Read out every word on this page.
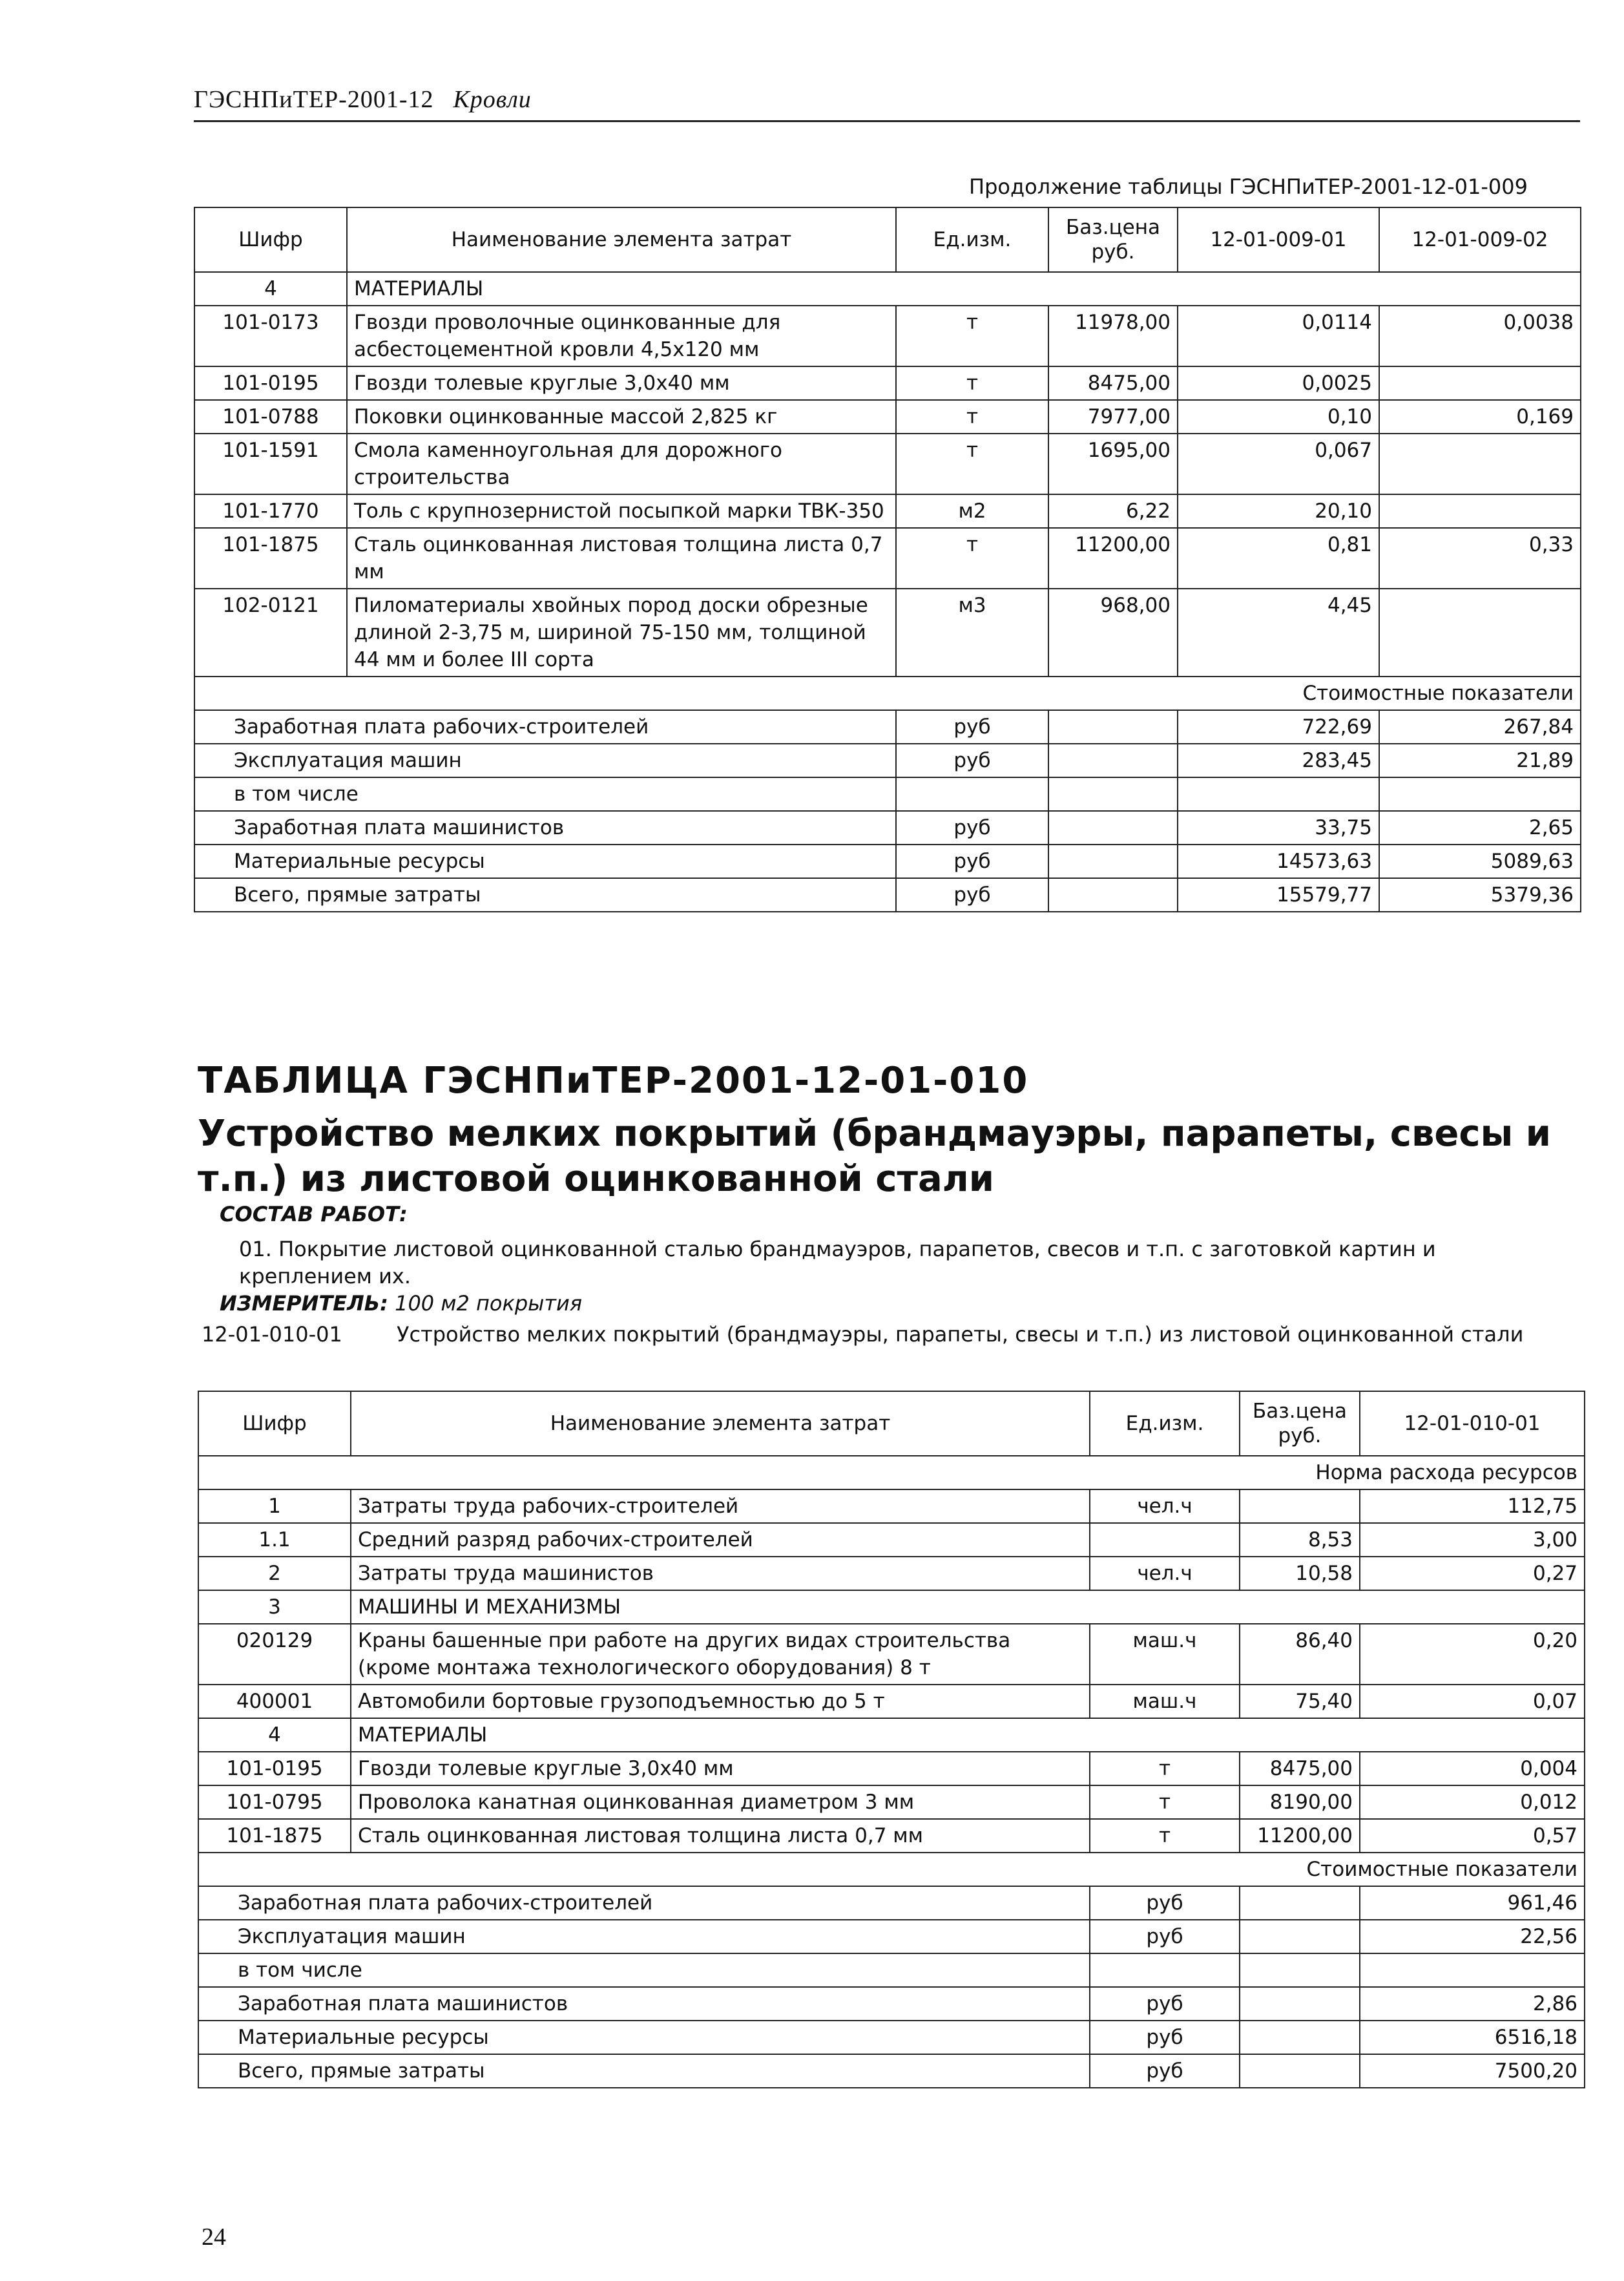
ГЭСНПиТЕР-2001-12 Кровли
Продолжение таблицы ГЭСНПиТЕР-2001-12-01-009
Шифр	Наименование элемента затрат	Ед.изм.	Баз.цена руб.	12-01-009-01	12-01-009-02
4	МАТЕРИАЛЫ				
101-0173	Гвозди проволочные оцинкованные для асбестоцементной кровли 4,5х120 мм	т	11978,00	0,0114	0,0038
101-0195	Гвозди толевые круглые 3,0х40 мм	т	8475,00	0,0025	
101-0788	Поковки оцинкованные массой 2,825 кг	т	7977,00	0,10	0,169
101-1591	Смола каменноугольная для дорожного строительства	т	1695,00	0,067	
101-1770	Толь с крупнозернистой посыпкой марки ТВК-350	м2	6,22	20,10	
101-1875	Сталь оцинкованная листовая толщина листа 0,7 мм	т	11200,00	0,81	0,33
102-0121	Пиломатериалы хвойных пород доски обрезные длиной 2-3,75 м, шириной 75-150 мм, толщиной 44 мм и более III сорта	м3	968,00	4,45	
Стоимостные показатели					
Заработная плата рабочих-строителей		руб		722,69	267,84
Эксплуатация машин		руб		283,45	21,89
в том числе					
Заработная плата машинистов		руб		33,75	2,65
Материальные ресурсы		руб		14573,63	5089,63
Всего, прямые затраты		руб		15579,77	5379,36
ТАБЛИЦА ГЭСНПиТЕР-2001-12-01-010
Устройство мелких покрытий (брандмауэры, парапеты, свесы и т.п.) из листовой оцинкованной стали
СОСТАВ РАБОТ:
01. Покрытие листовой оцинкованной сталью брандмауэров, парапетов, свесов и т.п. с заготовкой картин и креплением их.
ИЗМЕРИТЕЛЬ: 100 м2 покрытия
12-01-010-01	Устройство мелких покрытий (брандмауэры, парапеты, свесы и т.п.) из листовой оцинкованной стали
Шифр	Наименование элемента затрат	Ед.изм.	Баз.цена руб.	12-01-010-01
Норма расхода ресурсов				
1	Затраты труда рабочих-строителей	чел.ч		112,75
1.1	Средний разряд рабочих-строителей		8,53	3,00
2	Затраты труда машинистов	чел.ч	10,58	0,27
3	МАШИНЫ И МЕХАНИЗМЫ			
020129	Краны башенные при работе на других видах строительства (кроме монтажа технологического оборудования) 8 т	маш.ч	86,40	0,20
400001	Автомобили бортовые грузоподъемностью до 5 т	маш.ч	75,40	0,07
4	МАТЕРИАЛЫ			
101-0195	Гвозди толевые круглые 3,0х40 мм	т	8475,00	0,004
101-0795	Проволока канатная оцинкованная диаметром 3 мм	т	8190,00	0,012
101-1875	Сталь оцинкованная листовая толщина листа 0,7 мм	т	11200,00	0,57
Стоимостные показатели				
Заработная плата рабочих-строителей		руб		961,46
Эксплуатация машин		руб		22,56
в том числе				
Заработная плата машинистов		руб		2,86
Материальные ресурсы		руб		6516,18
Всего, прямые затраты		руб		7500,20
24
